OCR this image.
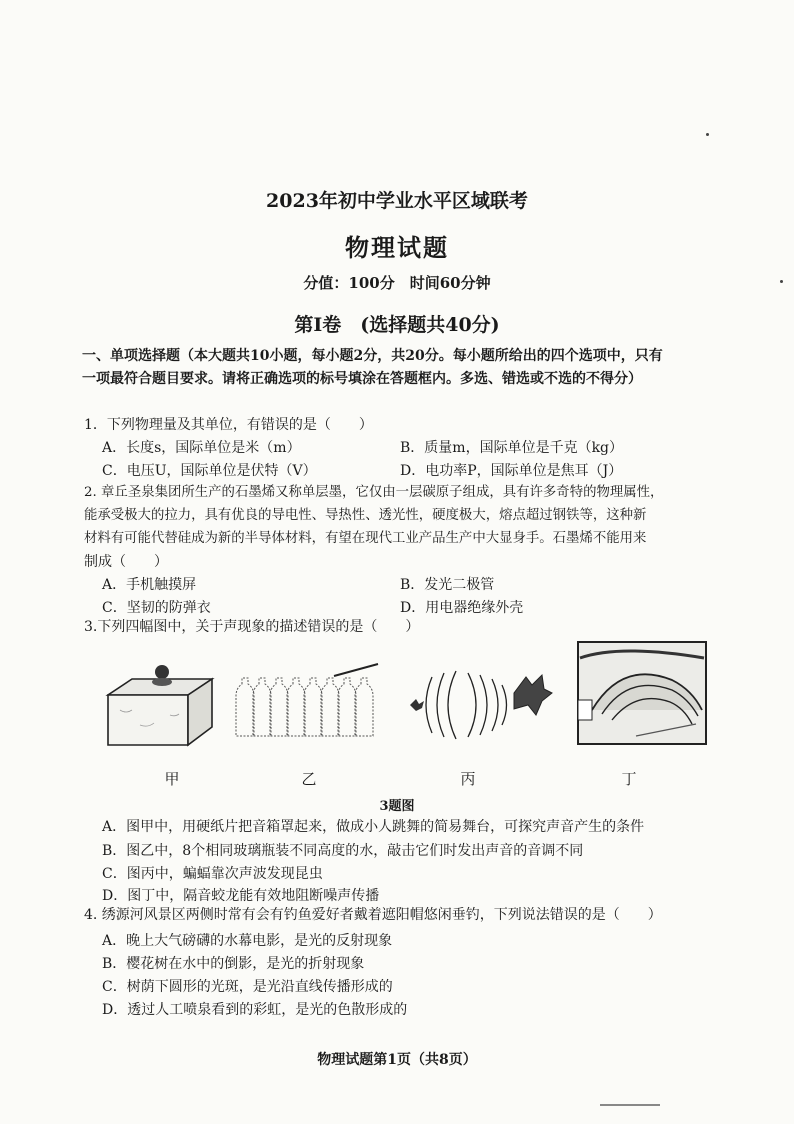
2023年初中学业水平区域联考
物理试题
分值：100分　时间60分钟
第Ⅰ卷　(选择题共40分)
一、单项选择题（本大题共10小题，每小题2分，共20分。每小题所给出的四个选项中，只有
一项最符合题目要求。请将正确选项的标号填涂在答题框内。多选、错选或不选的不得分）
1．下列物理量及其单位，有错误的是（　　）
A．长度s，国际单位是米（m）	B．质量m，国际单位是千克（kg）
C．电压U，国际单位是伏特（V）	D．电功率P，国际单位是焦耳（J）
2. 章丘圣泉集团所生产的石墨烯又称单层墨，它仅由一层碳原子组成，具有许多奇特的物理属性，
能承受极大的拉力，具有优良的导电性、导热性、透光性，硬度极大，熔点超过钢铁等，这种新
材料有可能代替硅成为新的半导体材料，有望在现代工业产品生产中大显身手。石墨烯不能用来
制成（　　）
A．手机触摸屏	B．发光二极管
C．坚韧的防弹衣	D．用电器绝缘外壳
3.下列四幅图中，关于声现象的描述错误的是（　　）
甲	乙	丙	丁
3题图
A．图甲中，用硬纸片把音箱罩起来，做成小人跳舞的简易舞台，可探究声音产生的条件
B．图乙中，8个相同玻璃瓶装不同高度的水，敲击它们时发出声音的音调不同
C．图丙中，蝙蝠靠次声波发现昆虫
D．图丁中，隔音蛟龙能有效地阻断噪声传播
4. 绣源河风景区两侧时常有会有钓鱼爱好者戴着遮阳帽悠闲垂钓，下列说法错误的是（　　）
A．晚上大气磅礴的水幕电影，是光的反射现象
B．樱花树在水中的倒影，是光的折射现象
C．树荫下圆形的光斑，是光沿直线传播形成的
D．透过人工喷泉看到的彩虹，是光的色散形成的
物理试题第1页（共8页）
